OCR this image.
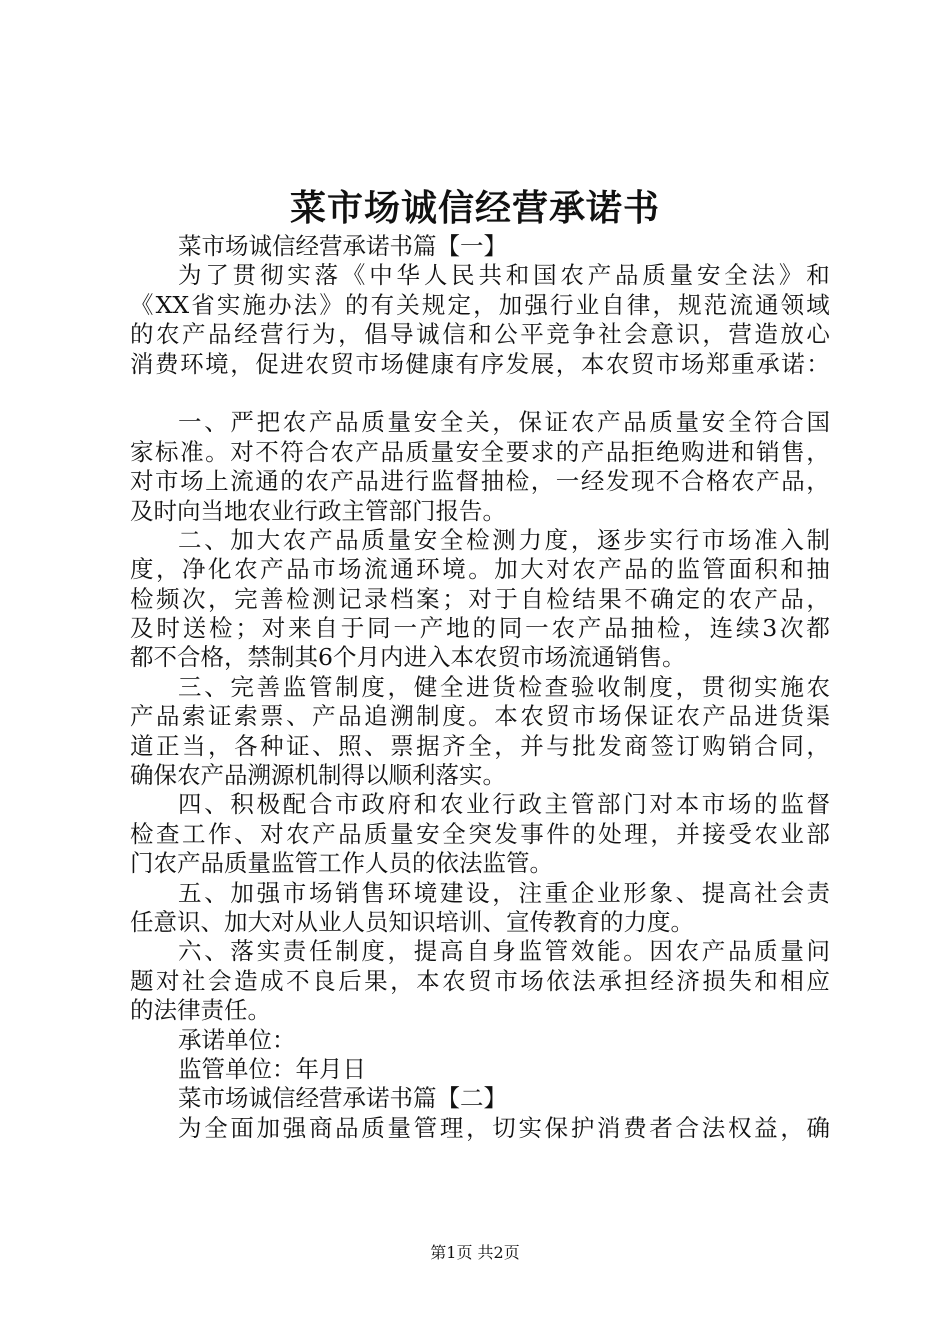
菜市场诚信经营承诺书
菜 市 场 诚 信 经 营 承 诺 书 篇 【 一 】
为 了 贯 彻 实 落 《 中 华 人 民 共 和 国 农 产 品 质 量 安 全 法 》 和
《 XX 省 实 施 办 法 》 的 有 关 规 定 ， 加 强 行 业 自 律 ， 规 范 流 通 领 域
的 农 产 品 经 营 行 为 ， 倡 导 诚 信 和 公 平 竞 争 社 会 意 识 ， 营 造 放 心
消 费 环 境 ， 促 进 农 贸 市 场 健 康 有 序 发 展 ， 本 农 贸 市 场 郑 重 承 诺 ：
一 、 严 把 农 产 品 质 量 安 全 关 ， 保 证 农 产 品 质 量 安 全 符 合 国
家 标 准 。 对 不 符 合 农 产 品 质 量 安 全 要 求 的 产 品 拒 绝 购 进 和 销 售 ，
对 市 场 上 流 通 的 农 产 品 进 行 监 督 抽 检 ， 一 经 发 现 不 合 格 农 产 品 ，
及 时 向 当 地 农 业 行 政 主 管 部 门 报 告 。
二 、 加 大 农 产 品 质 量 安 全 检 测 力 度 ， 逐 步 实 行 市 场 准 入 制
度 ， 净 化 农 产 品 市 场 流 通 环 境 。 加 大 对 农 产 品 的 监 管 面 积 和 抽
检 频 次 ， 完 善 检 测 记 录 档 案 ； 对 于 自 检 结 果 不 确 定 的 农 产 品 ，
及 时 送 检 ； 对 来 自 于 同 一 产 地 的 同 一 农 产 品 抽 检 ， 连 续 3 次 都
都 不 合 格 ， 禁 制 其 6 个 月 内 进 入 本 农 贸 市 场 流 通 销 售 。
三 、 完 善 监 管 制 度 ， 健 全 进 货 检 查 验 收 制 度 ， 贯 彻 实 施 农
产 品 索 证 索 票 、 产 品 追 溯 制 度 。 本 农 贸 市 场 保 证 农 产 品 进 货 渠
道 正 当 ， 各 种 证 、 照 、 票 据 齐 全 ， 并 与 批 发 商 签 订 购 销 合 同 ，
确 保 农 产 品 溯 源 机 制 得 以 顺 利 落 实 。
四 、 积 极 配 合 市 政 府 和 农 业 行 政 主 管 部 门 对 本 市 场 的 监 督
检 查 工 作 、 对 农 产 品 质 量 安 全 突 发 事 件 的 处 理 ， 并 接 受 农 业 部
门 农 产 品 质 量 监 管 工 作 人 员 的 依 法 监 管 。
五 、 加 强 市 场 销 售 环 境 建 设 ， 注 重 企 业 形 象 、 提 高 社 会 责
任 意 识 、 加 大 对 从 业 人 员 知 识 培 训 、 宣 传 教 育 的 力 度 。
六 、 落 实 责 任 制 度 ， 提 高 自 身 监 管 效 能 。 因 农 产 品 质 量 问
题 对 社 会 造 成 不 良 后 果 ， 本 农 贸 市 场 依 法 承 担 经 济 损 失 和 相 应
的 法 律 责 任 。
承 诺 单 位 ：
监 管 单 位 ： 年 月 日
菜 市 场 诚 信 经 营 承 诺 书 篇 【 二 】
为 全 面 加 强 商 品 质 量 管 理 ， 切 实 保 护 消 费 者 合 法 权 益 ， 确
第1页 共2页
